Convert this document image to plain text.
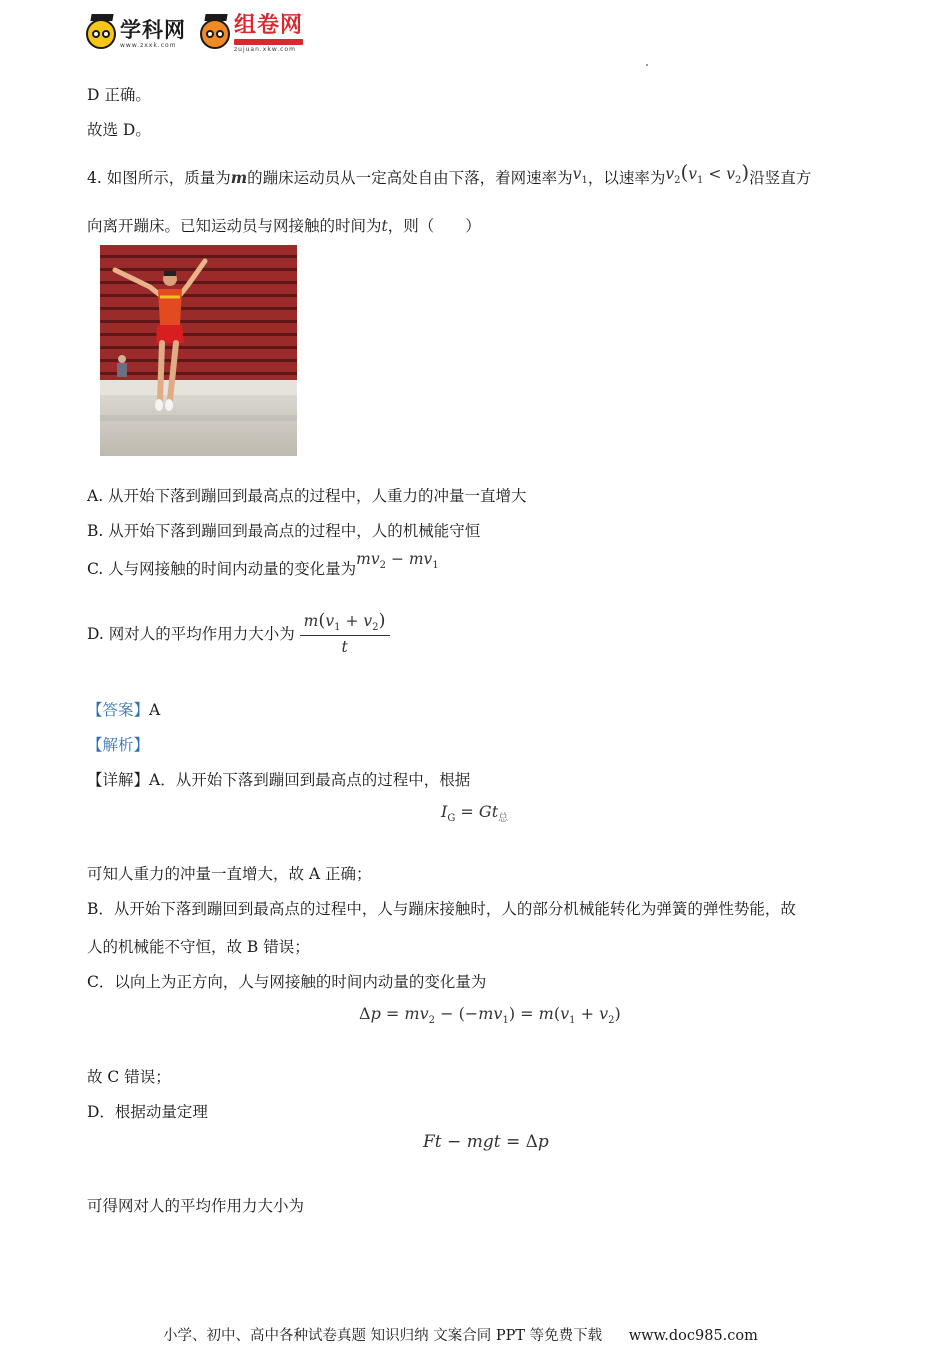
学科网
www.zxxk.com
组卷网
zujuan.xkw.com
D 正确。
故选 D。
4. 如图所示，质量为m的蹦床运动员从一定高处自由下落，着网速率为$v_1$，以速率为$v_2(v_1 < v_2)$沿竖直方
向离开蹦床。已知运动员与网接触的时间为t，则（　　）
A. 从开始下落到蹦回到最高点的过程中，人重力的冲量一直增大
B. 从开始下落到蹦回到最高点的过程中，人的机械能守恒
C. 人与网接触的时间内动量的变化量为$mv_2 - mv_1$
D. 网对人的平均作用力大小为 $\frac{m(v_1 + v_2)}{t}$
【答案】A
【解析】
【详解】A．从开始下落到蹦回到最高点的过程中，根据
$I_G = Gt_总$
可知人重力的冲量一直增大，故 A 正确；
B．从开始下落到蹦回到最高点的过程中，人与蹦床接触时，人的部分机械能转化为弹簧的弹性势能，故
人的机械能不守恒，故 B 错误；
C．以向上为正方向，人与网接触的时间内动量的变化量为
$\Delta p = mv_2 - (-mv_1) = m(v_1 + v_2)$
故 C 错误；
D．根据动量定理
Ft − mgt = Δp
可得网对人的平均作用力大小为
小学、初中、高中各种试卷真题 知识归纳 文案合同 PPT 等免费下载 www.doc985.com
